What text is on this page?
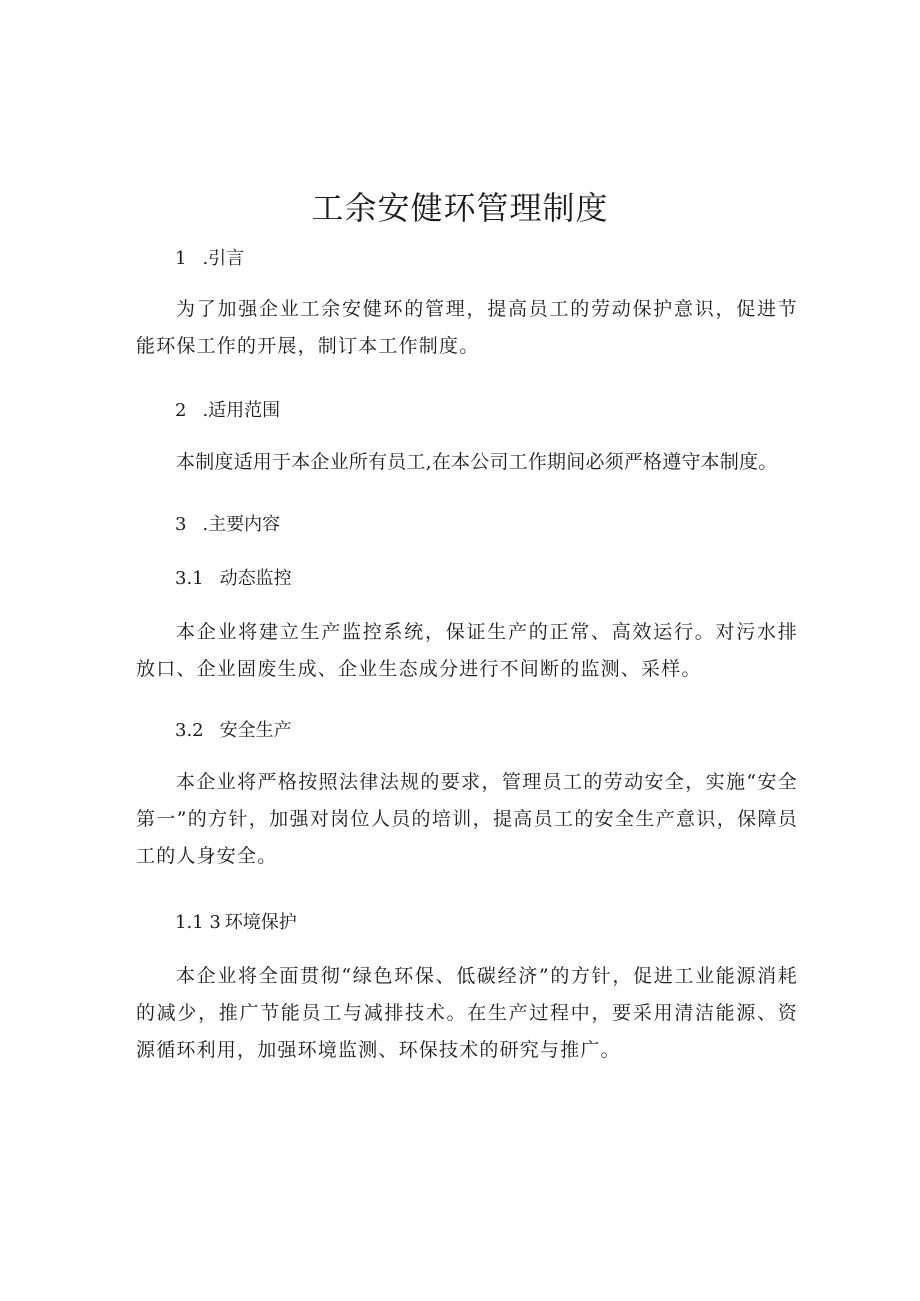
工余安健环管理制度
1 .引言

为了加强企业工余安健环的管理，提高员工的劳动保护意识，促进节能环保工作的开展，制订本工作制度。

2 .适用范围

本制度适用于本企业所有员工,在本公司工作期间必须严格遵守本制度。

3 .主要内容
3.1 动态监控

本企业将建立生产监控系统，保证生产的正常、高效运行。对污水排放口、企业固废生成、企业生态成分进行不间断的监测、采样。

3.2 安全生产

本企业将严格按照法律法规的要求，管理员工的劳动安全，实施“安全第一”的方针，加强对岗位人员的培训，提高员工的安全生产意识，保障员工的人身安全。

1.1 3 环境保护

本企业将全面贯彻“绿色环保、低碳经济”的方针，促进工业能源消耗的减少，推广节能员工与减排技术。在生产过程中，要采用清洁能源、资源循环利用，加强环境监测、环保技术的研究与推广。
